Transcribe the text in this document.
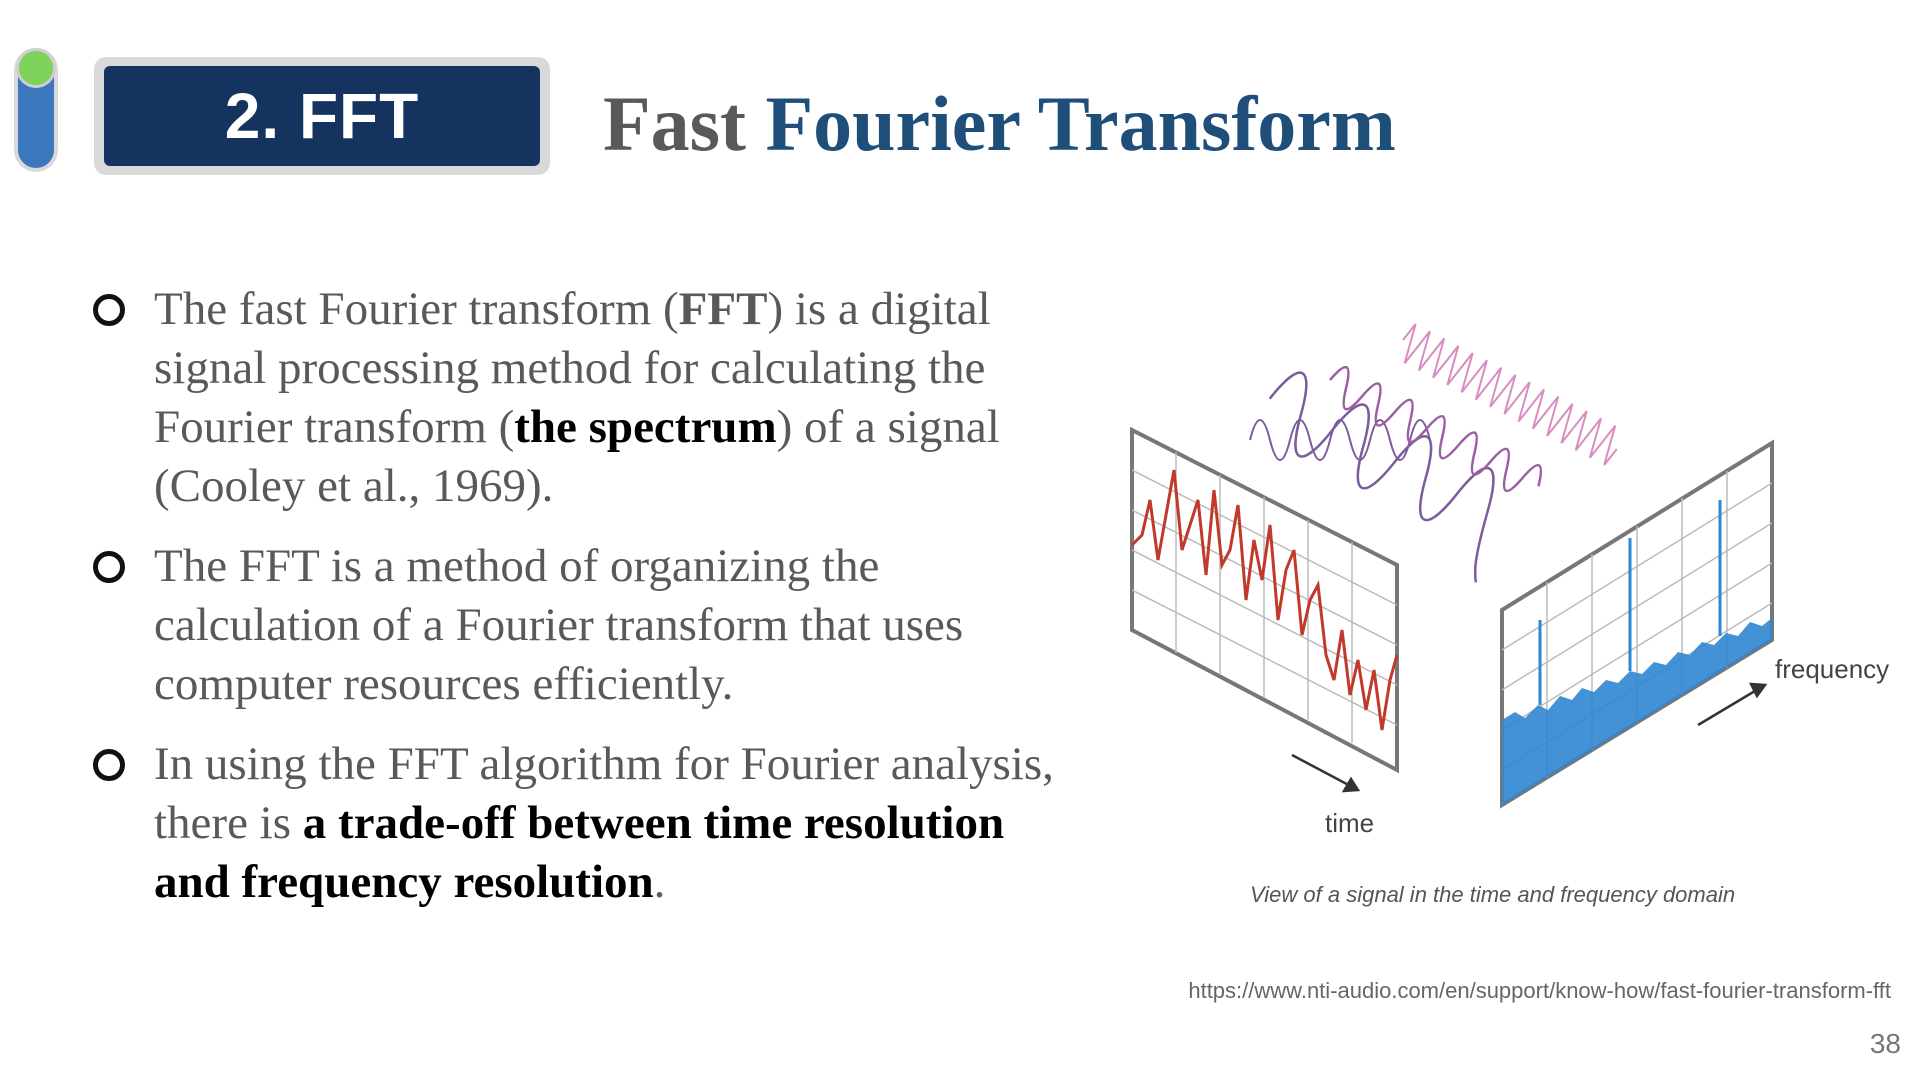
2. FFT	Fast Fourier Transform
The fast Fourier transform (FFT) is a digital signal processing method for calculating the Fourier transform (the spectrum) of a signal (Cooley et al., 1969).
The FFT is a method of organizing the calculation of a Fourier transform that uses computer resources efficiently.
In using the FFT algorithm for Fourier analysis, there is a trade-off between time resolution and frequency resolution.
time
frequency
View of a signal in the time and frequency domain
https://www.nti-audio.com/en/support/know-how/fast-fourier-transform-fft
38
